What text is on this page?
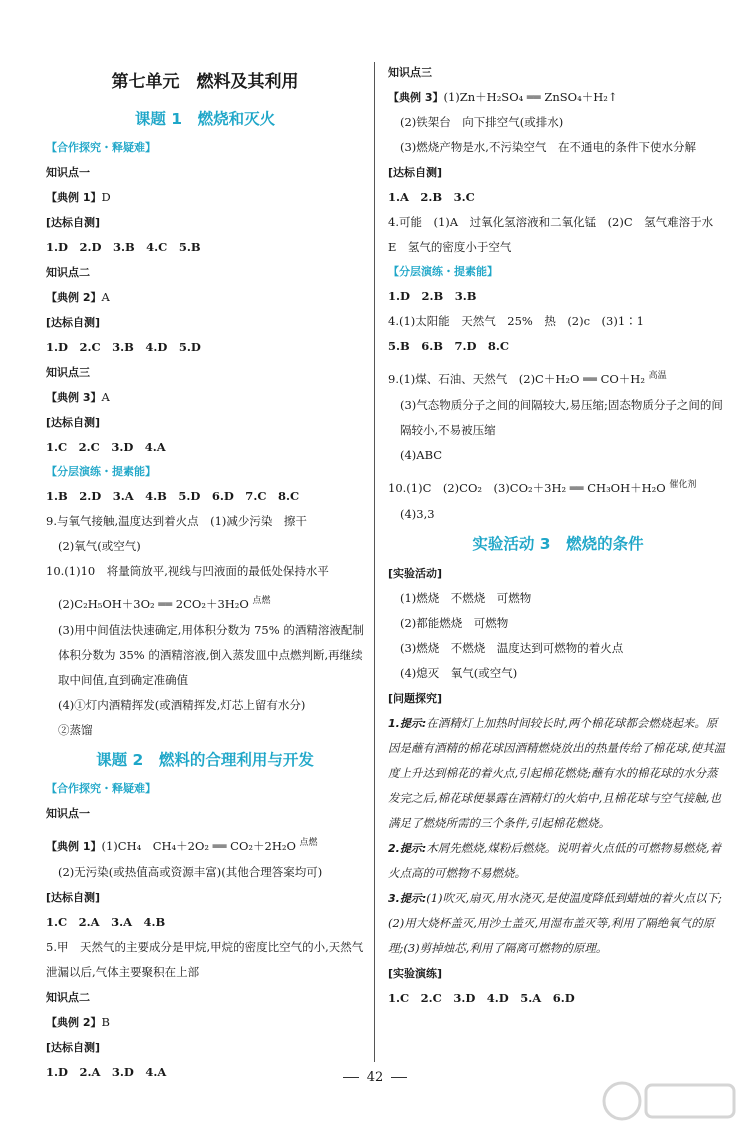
第七单元　燃料及其利用
课题 1　燃烧和灭火
【合作探究・释疑难】
知识点一
【典例 1】D
[达标自测]
1.D　2.D　3.B　4.C　5.B
知识点二
【典例 2】A
[达标自测]
1.D　2.C　3.B　4.D　5.D
知识点三
【典例 3】A
[达标自测]
1.C　2.C　3.D　4.A
【分层演练・提素能】
1.B　2.D　3.A　4.B　5.D　6.D　7.C　8.C
9.与氧气接触,温度达到着火点　(1)减少污染　擦干
(2)氧气(或空气)
10.(1)10　将量筒放平,视线与凹液面的最低处保持水平
(2)C₂H₅OH＋3O₂ ══ 2CO₂＋3H₂O $^{点燃}$
(3)用中间值法快速确定,用体积分数为 75% 的酒精溶液配制体积分数为 35% 的酒精溶液,倒入蒸发皿中点燃判断,再继续取中间值,直到确定准确值
(4)①灯内酒精挥发(或酒精挥发,灯芯上留有水分)
②蒸馏
课题 2　燃料的合理利用与开发
【合作探究・释疑难】
知识点一
【典例 1】(1)CH₄　CH₄＋2O₂ ══ CO₂＋2H₂O $^{点燃}$
(2)无污染(或热值高或资源丰富)(其他合理答案均可)
[达标自测]
1.C　2.A　3.A　4.B
5.甲　天然气的主要成分是甲烷,甲烷的密度比空气的小,天然气泄漏以后,气体主要聚积在上部
知识点二
【典例 2】B
[达标自测]
1.D　2.A　3.D　4.A
知识点三
【典例 3】(1)Zn＋H₂SO₄ ══ ZnSO₄＋H₂↑
(2)铁架台　向下排空气(或排水)
(3)燃烧产物是水,不污染空气　在不通电的条件下使水分解
[达标自测]
1.A　2.B　3.C
4.可能　(1)A　过氧化氢溶液和二氧化锰　(2)C　氢气难溶于水　E　氢气的密度小于空气
【分层演练・提素能】
1.D　2.B　3.B
4.(1)太阳能　天然气　25%　热　(2)c　(3)1∶1
5.B　6.B　7.D　8.C
9.(1)煤、石油、天然气　(2)C＋H₂O ══ CO＋H₂ $^{高温}$
(3)气态物质分子之间的间隔较大,易压缩;固态物质分子之间的间隔较小,不易被压缩
(4)ABC
10.(1)C　(2)CO₂　(3)CO₂＋3H₂ ══ CH₃OH＋H₂O $^{催化剂}$
(4)3,3
实验活动 3　燃烧的条件
[实验活动]
(1)燃烧　不燃烧　可燃物
(2)都能燃烧　可燃物
(3)燃烧　不燃烧　温度达到可燃物的着火点
(4)熄灭　氧气(或空气)
[问题探究]
1.提示:在酒精灯上加热时间较长时,两个棉花球都会燃烧起来。原因是蘸有酒精的棉花球因酒精燃烧放出的热量传给了棉花球,使其温度上升达到棉花的着火点,引起棉花燃烧;蘸有水的棉花球的水分蒸发完之后,棉花球便暴露在酒精灯的火焰中,且棉花球与空气接触,也满足了燃烧所需的三个条件,引起棉花燃烧。
2.提示:木屑先燃烧,煤粉后燃烧。说明着火点低的可燃物易燃烧,着火点高的可燃物不易燃烧。
3.提示:(1)吹灭,扇灭,用水浇灭,是使温度降低到蜡烛的着火点以下;(2)用大烧杯盖灭,用沙土盖灭,用湿布盖灭等,利用了隔绝氧气的原理;(3)剪掉烛芯,利用了隔离可燃物的原理。
[实验演练]
1.C　2.C　3.D　4.D　5.A　6.D
42
